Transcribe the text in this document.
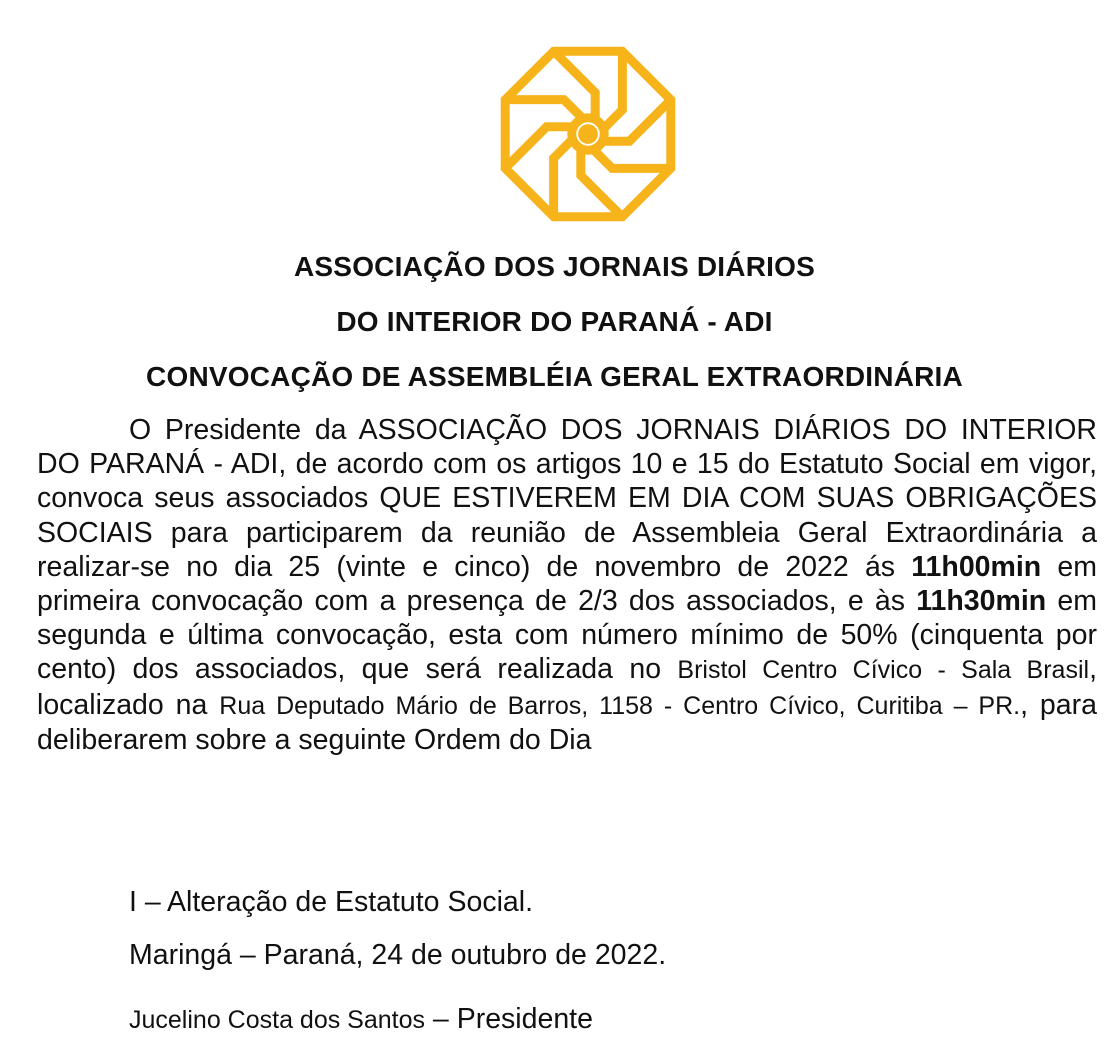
ASSOCIAÇÃO DOS JORNAIS DIÁRIOS
DO INTERIOR DO PARANÁ - ADI
CONVOCAÇÃO DE ASSEMBLÉIA GERAL EXTRAORDINÁRIA
O Presidente da ASSOCIAÇÃO DOS JORNAIS DIÁRIOS DO INTERIOR DO PARANÁ - ADI, de acordo com os artigos 10 e 15 do Estatuto Social em vigor, convoca seus associados QUE ESTIVEREM EM DIA COM SUAS OBRIGAÇÕES SOCIAIS para participarem da reunião de Assembleia Geral Extraordinária a realizar-se no dia 25 (vinte e cinco) de novembro de 2022 ás 11h00min em primeira convocação com a presença de 2/3 dos associados, e às 11h30min em segunda e última convocação, esta com número mínimo de 50% (cinquenta por cento) dos associados, que será realizada no Bristol Centro Cívico - Sala Brasil, localizado na Rua Deputado Mário de Barros, 1158 - Centro Cívico, Curitiba – PR., para deliberarem sobre a seguinte Ordem do Dia
I – Alteração de Estatuto Social.
Maringá – Paraná, 24 de outubro de 2022.
Jucelino Costa dos Santos – Presidente
